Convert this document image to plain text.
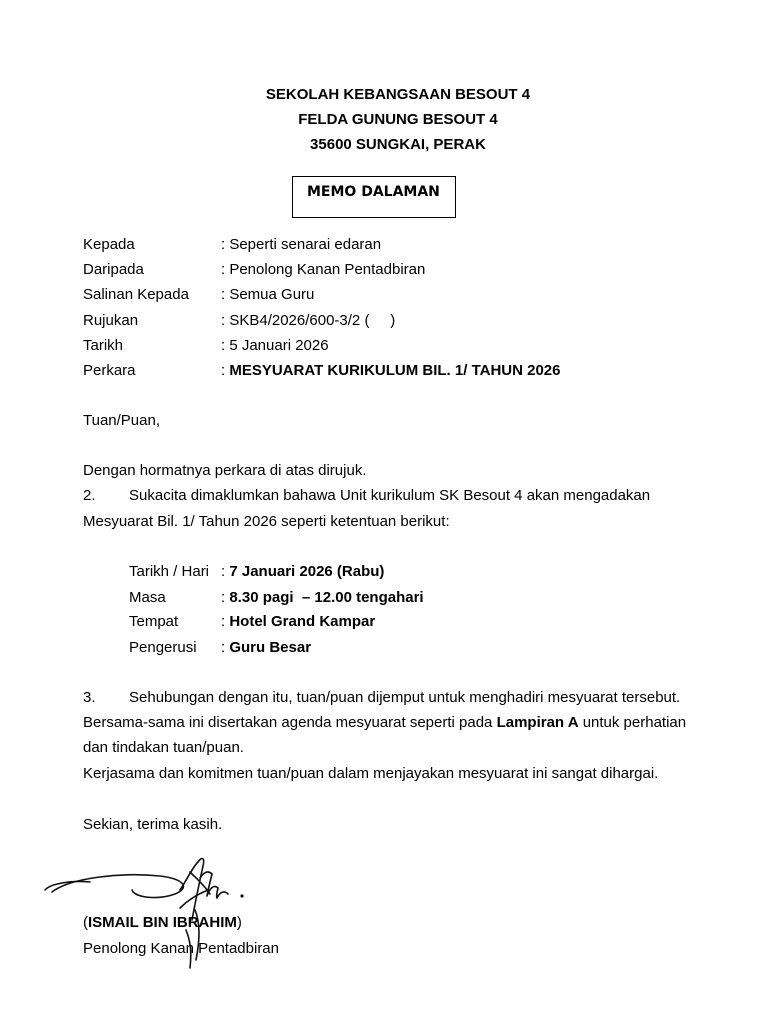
SEKOLAH KEBANGSAAN BESOUT 4
FELDA GUNUNG BESOUT 4
35600 SUNGKAI, PERAK
MEMO DALAMAN
Kepada	: Seperti senarai edaran
Daripada	: Penolong Kanan Pentadbiran
Salinan Kepada : Semua Guru
Rujukan	: SKB4/2026/600-3/2 (     )
Tarikh	: 5 Januari 2026
Perkara	: MESYUARAT KURIKULUM BIL. 1/ TAHUN 2026
Tuan/Puan,
Dengan hormatnya perkara di atas dirujuk.
2. Sukacita dimaklumkan bahawa Unit kurikulum SK Besout 4 akan mengadakan
Mesyuarat Bil. 1/ Tahun 2026 seperti ketentuan berikut:
Tarikh / Hari : 7 Januari 2026 (Rabu)
Masa	: 8.30 pagi  – 12.00 tengahari
Tempat	: Hotel Grand Kampar
Pengerusi : Guru Besar
3. Sehubungan dengan itu, tuan/puan dijemput untuk menghadiri mesyuarat tersebut.
Bersama-sama ini disertakan agenda mesyuarat seperti pada Lampiran A untuk perhatian
dan tindakan tuan/puan.
Kerjasama dan komitmen tuan/puan dalam menjayakan mesyuarat ini sangat dihargai.
Sekian, terima kasih.
(ISMAIL BIN IBRAHIM)
Penolong Kanan Pentadbiran
